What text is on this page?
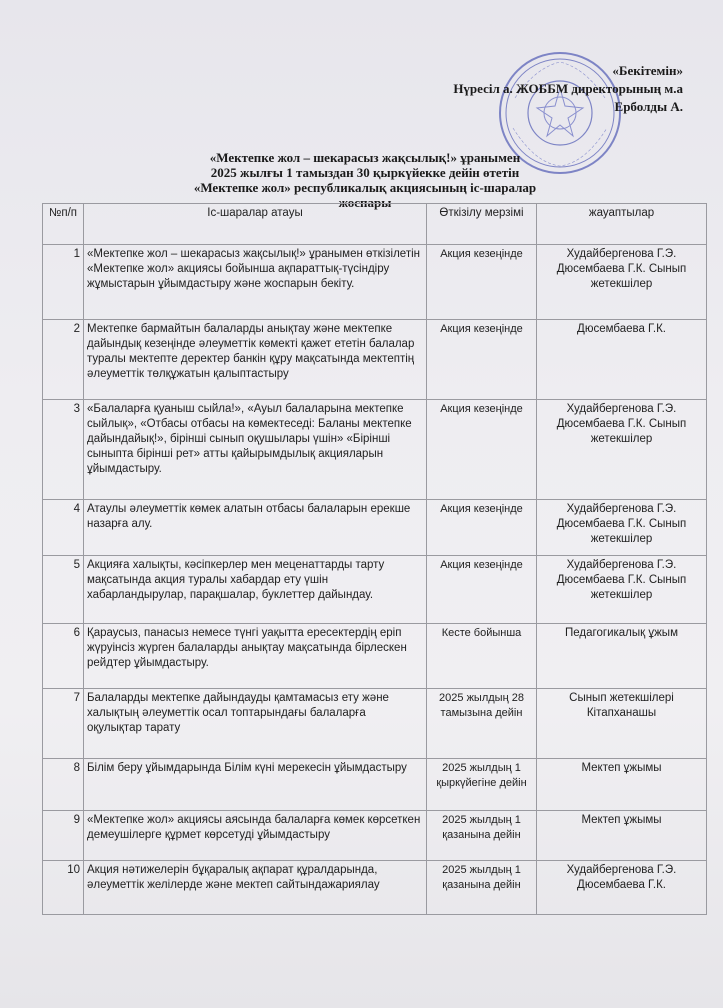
«Бекітемін»
Нүресіл а. ЖОББМ директорының м.а
Ерболды А.
«Мектепке жол – шекарасыз жақсылық!» ұранымен
2025 жылғы 1 тамыздан 30 қыркүйекке дейін өтетін
«Мектепке жол» республикалық акциясының іс-шаралар
жоспары
№п/п	Іс-шаралар атауы	Өткізілу мерзімі	жауаптылар
1	«Мектепке жол – шекарасыз жақсылық!» ұранымен өткізілетін «Мектепке жол» акциясы бойынша ақпараттық-түсіндіру жұмыстарын ұйымдастыру және жоспарын бекіту.	Акция кезеңінде	Худайбергенова Г.Э. Дюсембаева Г.К. Сынып жетекшілер
2	Мектепке бармайтын балаларды анықтау және мектепке дайындық кезеңінде әлеуметтік көмекті қажет ететін балалар туралы мектепте деректер банкін құру мақсатында мектептің әлеуметтік төлқұжатын қалыптастыру	Акция кезеңінде	Дюсембаева Г.К.
3	«Балаларға қуаныш сыйла!», «Ауыл балаларына мектепке сыйлық», «Отбасы отбасы на көмектеседі: Баланы мектепке дайындайық!», бірінші сынып оқушылары үшін» «Бірінші сыныпта бірінші рет» атты қайырымдылық акцияларын ұйымдастыру.	Акция кезеңінде	Худайбергенова Г.Э. Дюсембаева Г.К. Сынып жетекшілер
4	Атаулы әлеуметтік көмек алатын отбасы балаларын ерекше назарға алу.	Акция кезеңінде	Худайбергенова Г.Э. Дюсембаева Г.К. Сынып жетекшілер
5	Акцияға халықты, кәсіпкерлер мен меценаттарды тарту мақсатында акция туралы хабардар ету үшін хабарландырулар, парақшалар, буклеттер дайындау.	Акция кезеңінде	Худайбергенова Г.Э. Дюсембаева Г.К. Сынып жетекшілер
6	Қараусыз, панасыз немесе түнгі уақытта ересектердің еріп жүруінсіз жүрген балаларды анықтау мақсатында бірлескен рейдтер ұйымдастыру.	Кесте бойынша	Педагогикалық ұжым
7	Балаларды мектепке дайындауды қамтамасыз ету және халықтың әлеуметтік осал топтарындағы балаларға оқулықтар тарату	2025 жылдың 28 тамызына дейін	Сынып жетекшілері Кітапханашы
8	Білім беру ұйымдарында Білім күні мерекесін ұйымдастыру	2025 жылдың 1 қыркүйегіне дейін	Мектеп ұжымы
9	«Мектепке жол» акциясы аясында балаларға көмек көрсеткен демеушілерге құрмет көрсетуді ұйымдастыру	2025 жылдың 1 қазанына дейін	Мектеп ұжымы
10	Акция нәтижелерін бұқаралық ақпарат құралдарында, әлеуметтік желілерде және мектеп сайтындажариялау	2025 жылдың 1 қазанына дейін	Худайбергенова Г.Э. Дюсембаева Г.К.
